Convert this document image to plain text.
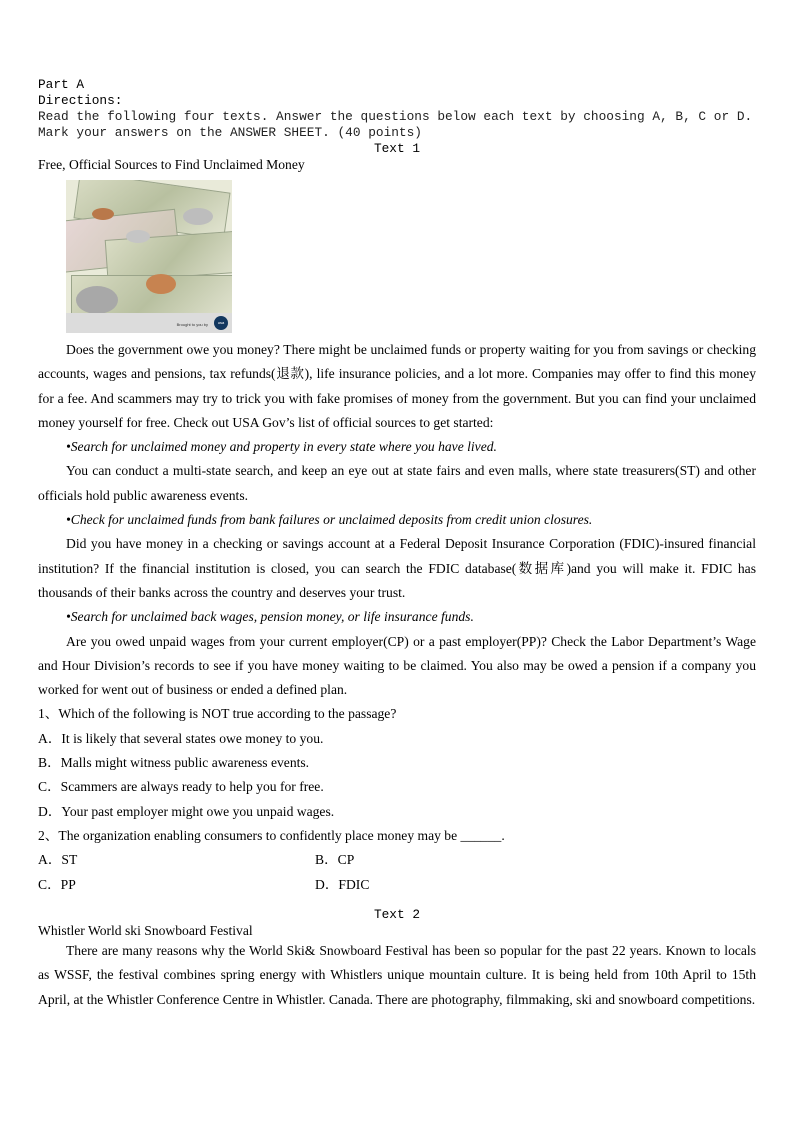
Part A
Directions:
Read the following four texts. Answer the questions below each text by choosing A, B, C or D. Mark your answers on the ANSWER SHEET. (40 points)
Text 1
Free, Official Sources to Find Unclaimed Money
Brought to you by	usa

Does the government owe you money? There might be unclaimed funds or property waiting for you from savings or checking accounts, wages and pensions, tax refunds(退款), life insurance policies, and a lot more. Companies may offer to find this money for a fee. And scammers may try to trick you with fake promises of money from the government. But you can find your unclaimed money yourself for free. Check out USA Gov’s list of official sources to get started:

•Search for unclaimed money and property in every state where you have lived.

You can conduct a multi-state search, and keep an eye out at state fairs and even malls, where state treasurers(ST) and other officials hold public awareness events.

•Check for unclaimed funds from bank failures or unclaimed deposits from credit union closures.

Did you have money in a checking or savings account at a Federal Deposit Insurance Corporation (FDIC)-insured financial institution? If the financial institution is closed, you can search the FDIC database(数据库)and you will make it. FDIC has thousands of their banks across the country and deserves your trust.

•Search for unclaimed back wages, pension money, or life insurance funds.

Are you owed unpaid wages from your current employer(CP) or a past employer(PP)? Check the Labor Department’s Wage and Hour Division’s records to see if you have money waiting to be claimed. You also may be owed a pension if a company you worked for went out of business or ended a defined plan.

1、Which of the following is NOT true according to the passage?

A．It is likely that several states owe money to you.

B．Malls might witness public awareness events.

C．Scammers are always ready to help you for free.

D．Your past employer might owe you unpaid wages.

2、The organization enabling consumers to confidently place money may be ______.

A．ST	B．CP
C．PP	D．FDIC
Text 2
Whistler World ski Snowboard Festival

There are many reasons why the World Ski& Snowboard Festival has been so popular for the past 22 years. Known to locals as WSSF, the festival combines spring energy with Whistlers unique mountain culture. It is being held from 10th April to 15th April, at the Whistler Conference Centre in Whistler. Canada. There are photography, filmmaking, ski and snowboard competitions.
